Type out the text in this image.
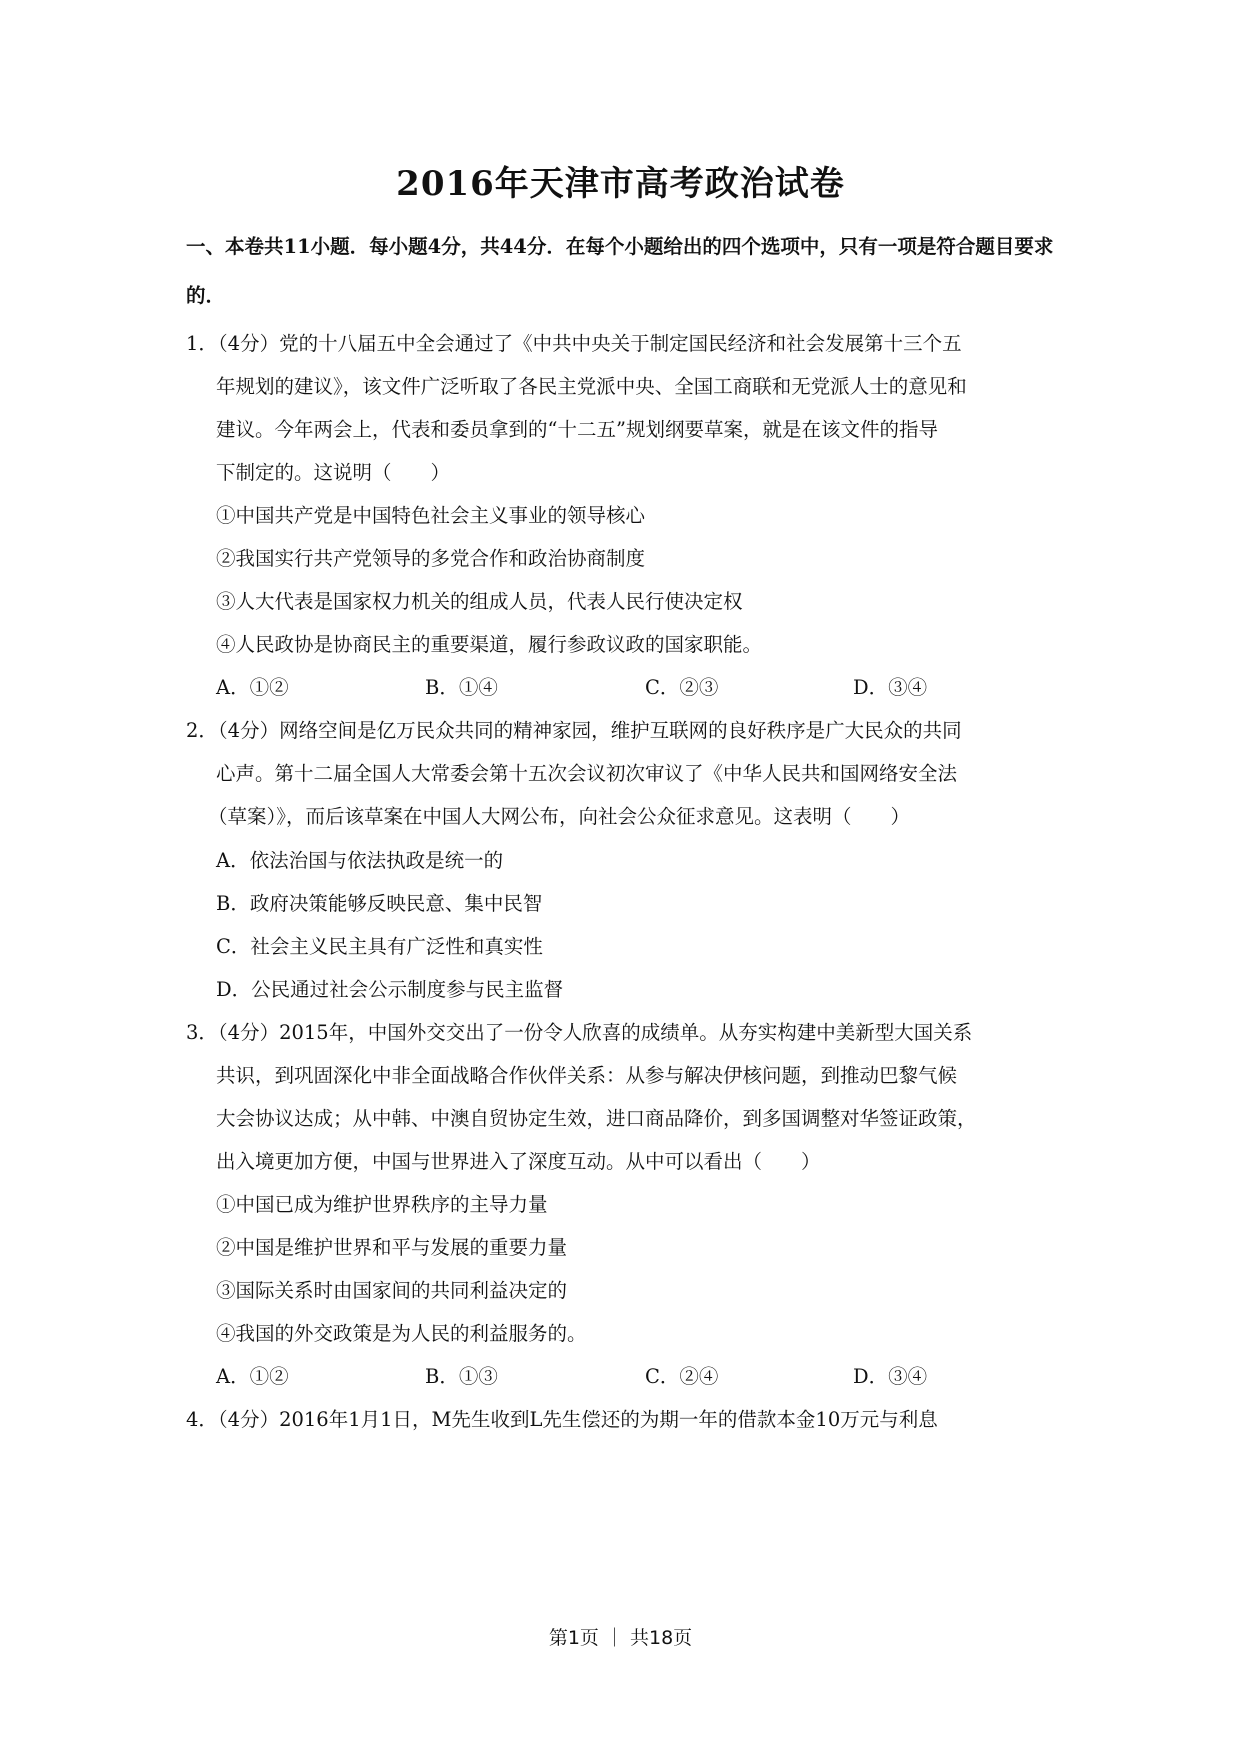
2016年天津市高考政治试卷
一、本卷共11小题．每小题4分，共44分．在每个小题给出的四个选项中，只有一项是符合题目要求的．
1．（4分）党的十八届五中全会通过了《中共中央关于制定国民经济和社会发展第十三个五
年规划的建议》，该文件广泛听取了各民主党派中央、全国工商联和无党派人士的意见和
建议。今年两会上，代表和委员拿到的“十二五”规划纲要草案，就是在该文件的指导
下制定的。这说明（　　）
①中国共产党是中国特色社会主义事业的领导核心
②我国实行共产党领导的多党合作和政治协商制度
③人大代表是国家权力机关的组成人员，代表人民行使决定权
④人民政协是协商民主的重要渠道，履行参政议政的国家职能。
A．①②	B．①④	C．②③	D．③④
2．（4分）网络空间是亿万民众共同的精神家园，维护互联网的良好秩序是广大民众的共同
心声。第十二届全国人大常委会第十五次会议初次审议了《中华人民共和国网络安全法
（草案）》，而后该草案在中国人大网公布，向社会公众征求意见。这表明（　　）
A．依法治国与依法执政是统一的
B．政府决策能够反映民意、集中民智
C．社会主义民主具有广泛性和真实性
D．公民通过社会公示制度参与民主监督
3．（4分）2015年，中国外交交出了一份令人欣喜的成绩单。从夯实构建中美新型大国关系
共识，到巩固深化中非全面战略合作伙伴关系：从参与解决伊核问题，到推动巴黎气候
大会协议达成；从中韩、中澳自贸协定生效，进口商品降价，到多国调整对华签证政策，
出入境更加方便，中国与世界进入了深度互动。从中可以看出（　　）
①中国已成为维护世界秩序的主导力量
②中国是维护世界和平与发展的重要力量
③国际关系时由国家间的共同利益决定的
④我国的外交政策是为人民的利益服务的。
A．①②	B．①③	C．②④	D．③④
4．（4分）2016年1月1日，M先生收到L先生偿还的为期一年的借款本金10万元与利息
第1页 ｜ 共18页
